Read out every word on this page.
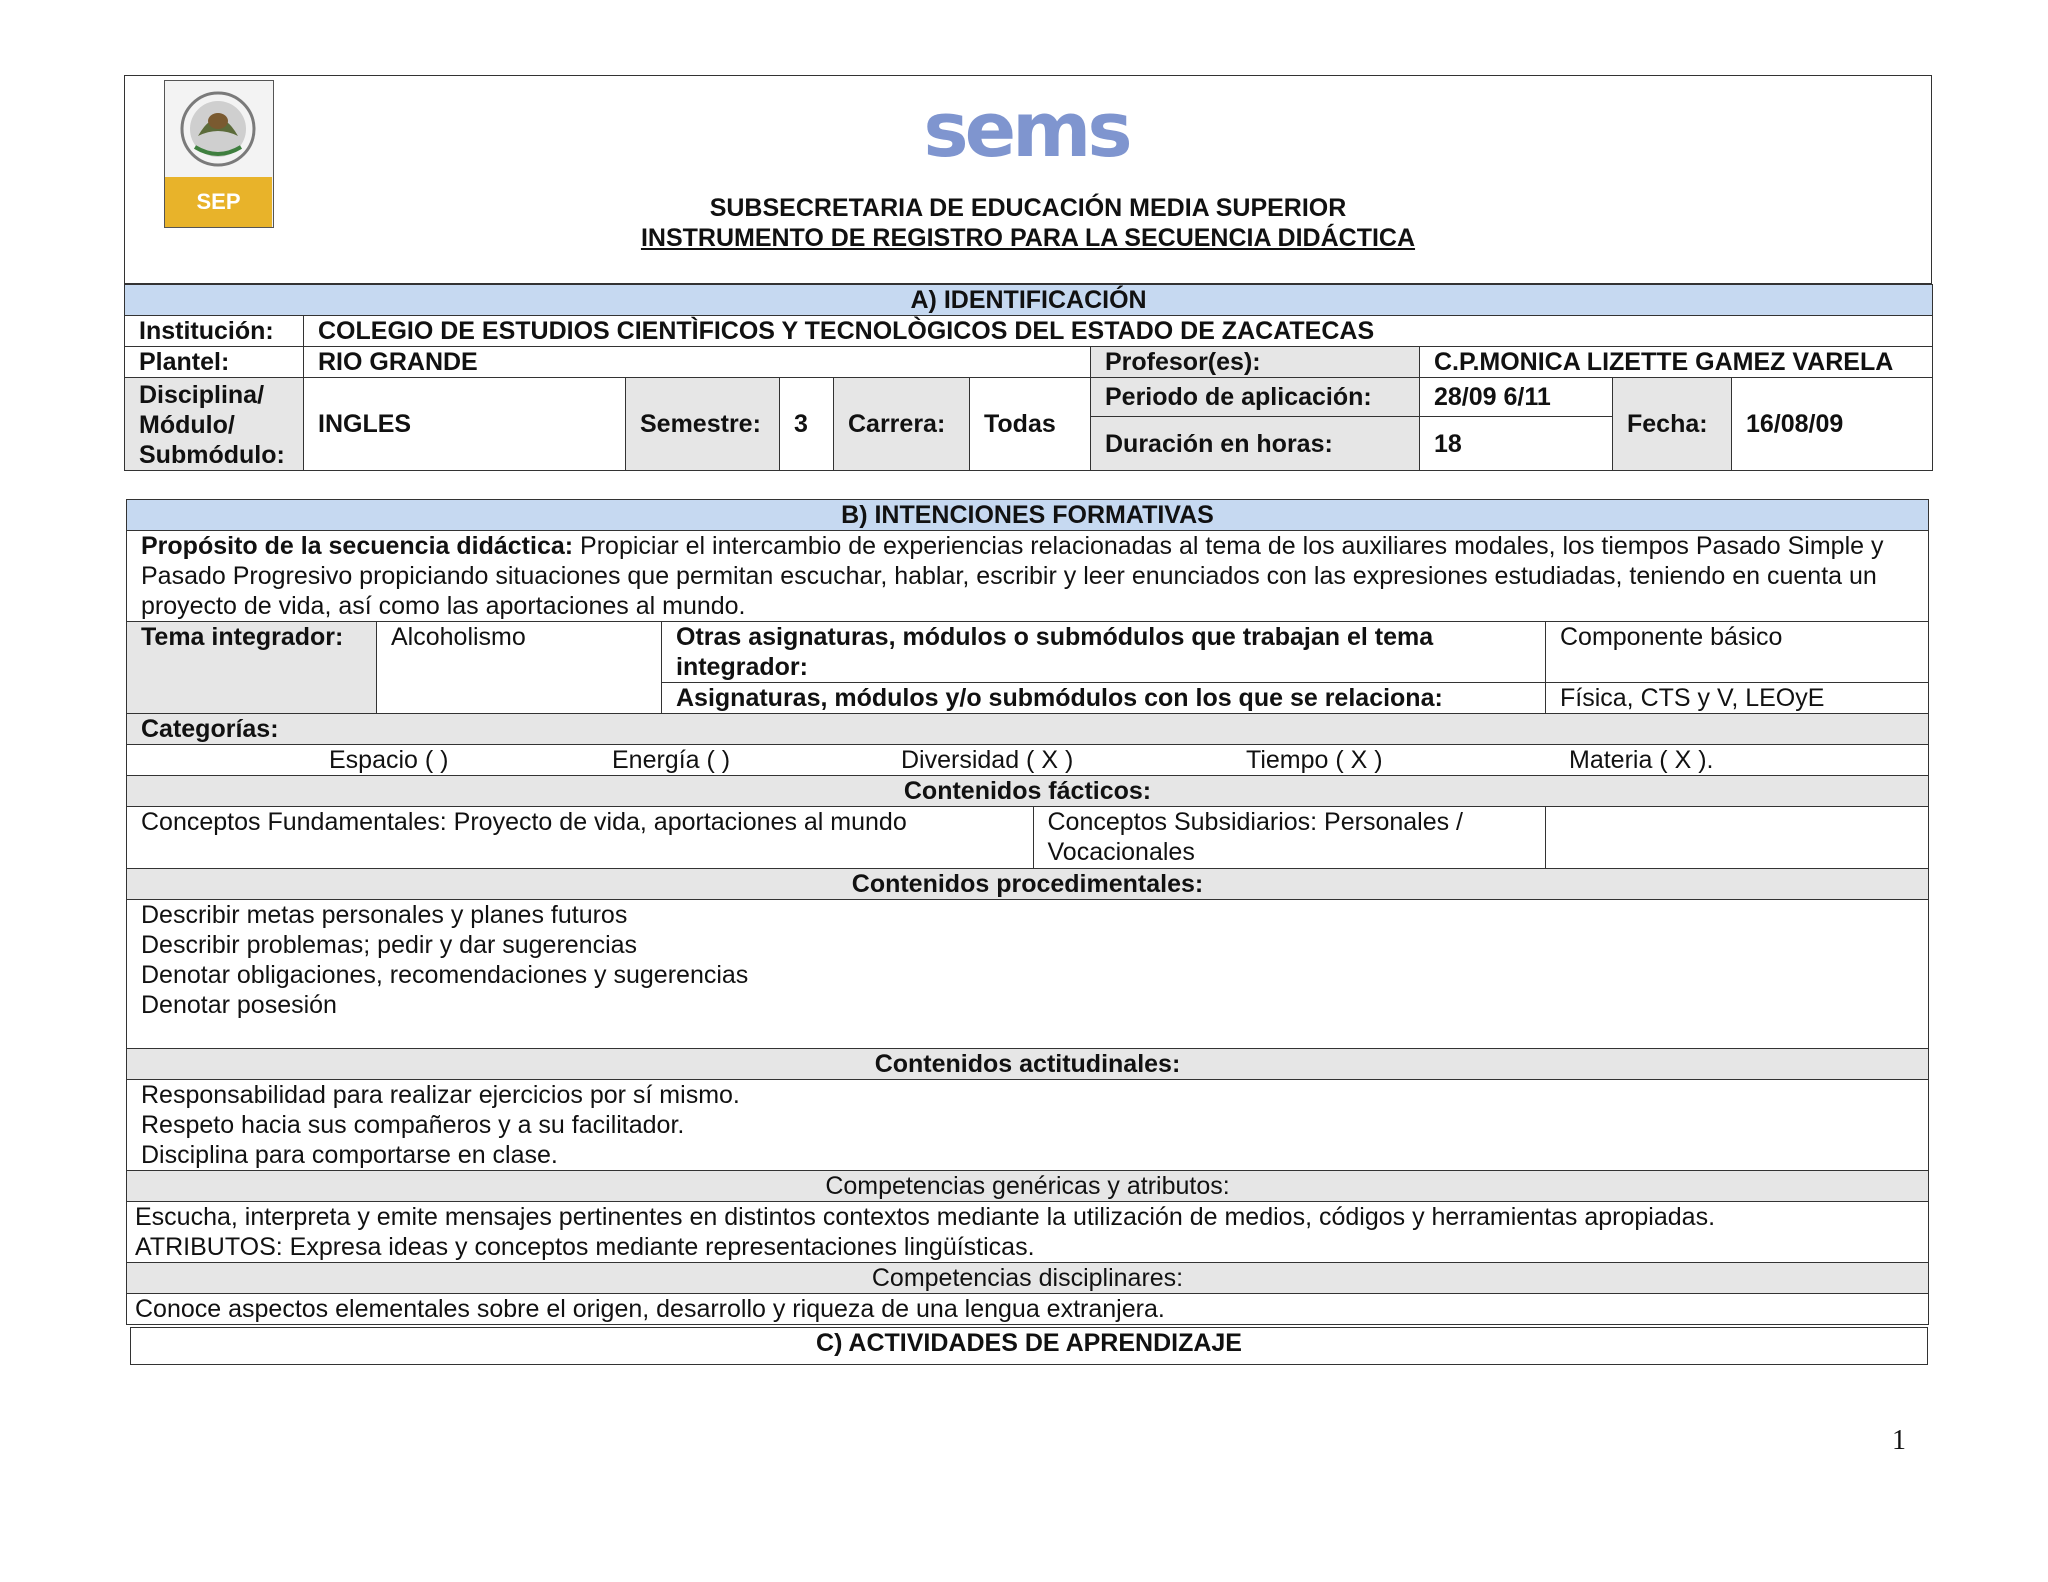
SEP
sems
SUBSECRETARIA DE EDUCACIÓN MEDIA SUPERIOR
INSTRUMENTO DE REGISTRO PARA LA SECUENCIA DIDÁCTICA
A) IDENTIFICACIÓN									
Institución:	COLEGIO DE ESTUDIOS CIENTÌFICOS Y TECNOLÒGICOS DEL ESTADO DE ZACATECAS								
Plantel:	RIO GRANDE					Profesor(es):	C.P.MONICA LIZETTE GAMEZ VARELA		

Disciplina/
Módulo/
Submódulo:	INGLES	Semestre:	3	Carrera:	Todas	Periodo de aplicación:	28/09 6/11	Fecha:	16/08/09
						Duración en horas:	18		
B) INTENCIONES FORMATIVAS
Propósito de la secuencia didáctica: Propiciar el intercambio de experiencias relacionadas al tema de los auxiliares modales, los tiempos Pasado Simple y Pasado Progresivo propiciando situaciones que permitan escuchar, hablar, escribir y leer enunciados con las expresiones estudiadas, teniendo en cuenta un proyecto de vida, así como las aportaciones al mundo.
Tema integrador:	Alcoholismo	Otras asignaturas, módulos o submódulos que trabajan el tema integrador:	Componente básico
Asignaturas, módulos y/o submódulos con los que se relaciona:	Física, CTS y V, LEOyE
Categorías:

Espacio ( )	Energía ( )	Diversidad ( X )	Tiempo ( X )	Materia ( X ).

Contenidos fácticos:

Conceptos Fundamentales: Proyecto de vida, aportaciones al mundo	Conceptos Subsidiarios: Personales / Vocacionales

Contenidos procedimentales:

Describir metas personales y planes futuros
Describir problemas; pedir y dar sugerencias
Denotar obligaciones, recomendaciones y sugerencias
Denotar posesión

Contenidos actitudinales:

Responsabilidad para realizar ejercicios por sí mismo.
Respeto hacia sus compañeros y a su facilitador.
Disciplina para comportarse en clase.

Competencias genéricas y atributos:

Escucha, interpreta y emite mensajes pertinentes en distintos contextos mediante la utilización de medios, códigos y herramientas apropiadas.
ATRIBUTOS: Expresa ideas y conceptos mediante representaciones lingüísticas.

Competencias disciplinares:
Conoce aspectos elementales sobre el origen, desarrollo y riqueza de una lengua extranjera.
C) ACTIVIDADES DE APRENDIZAJE
1
